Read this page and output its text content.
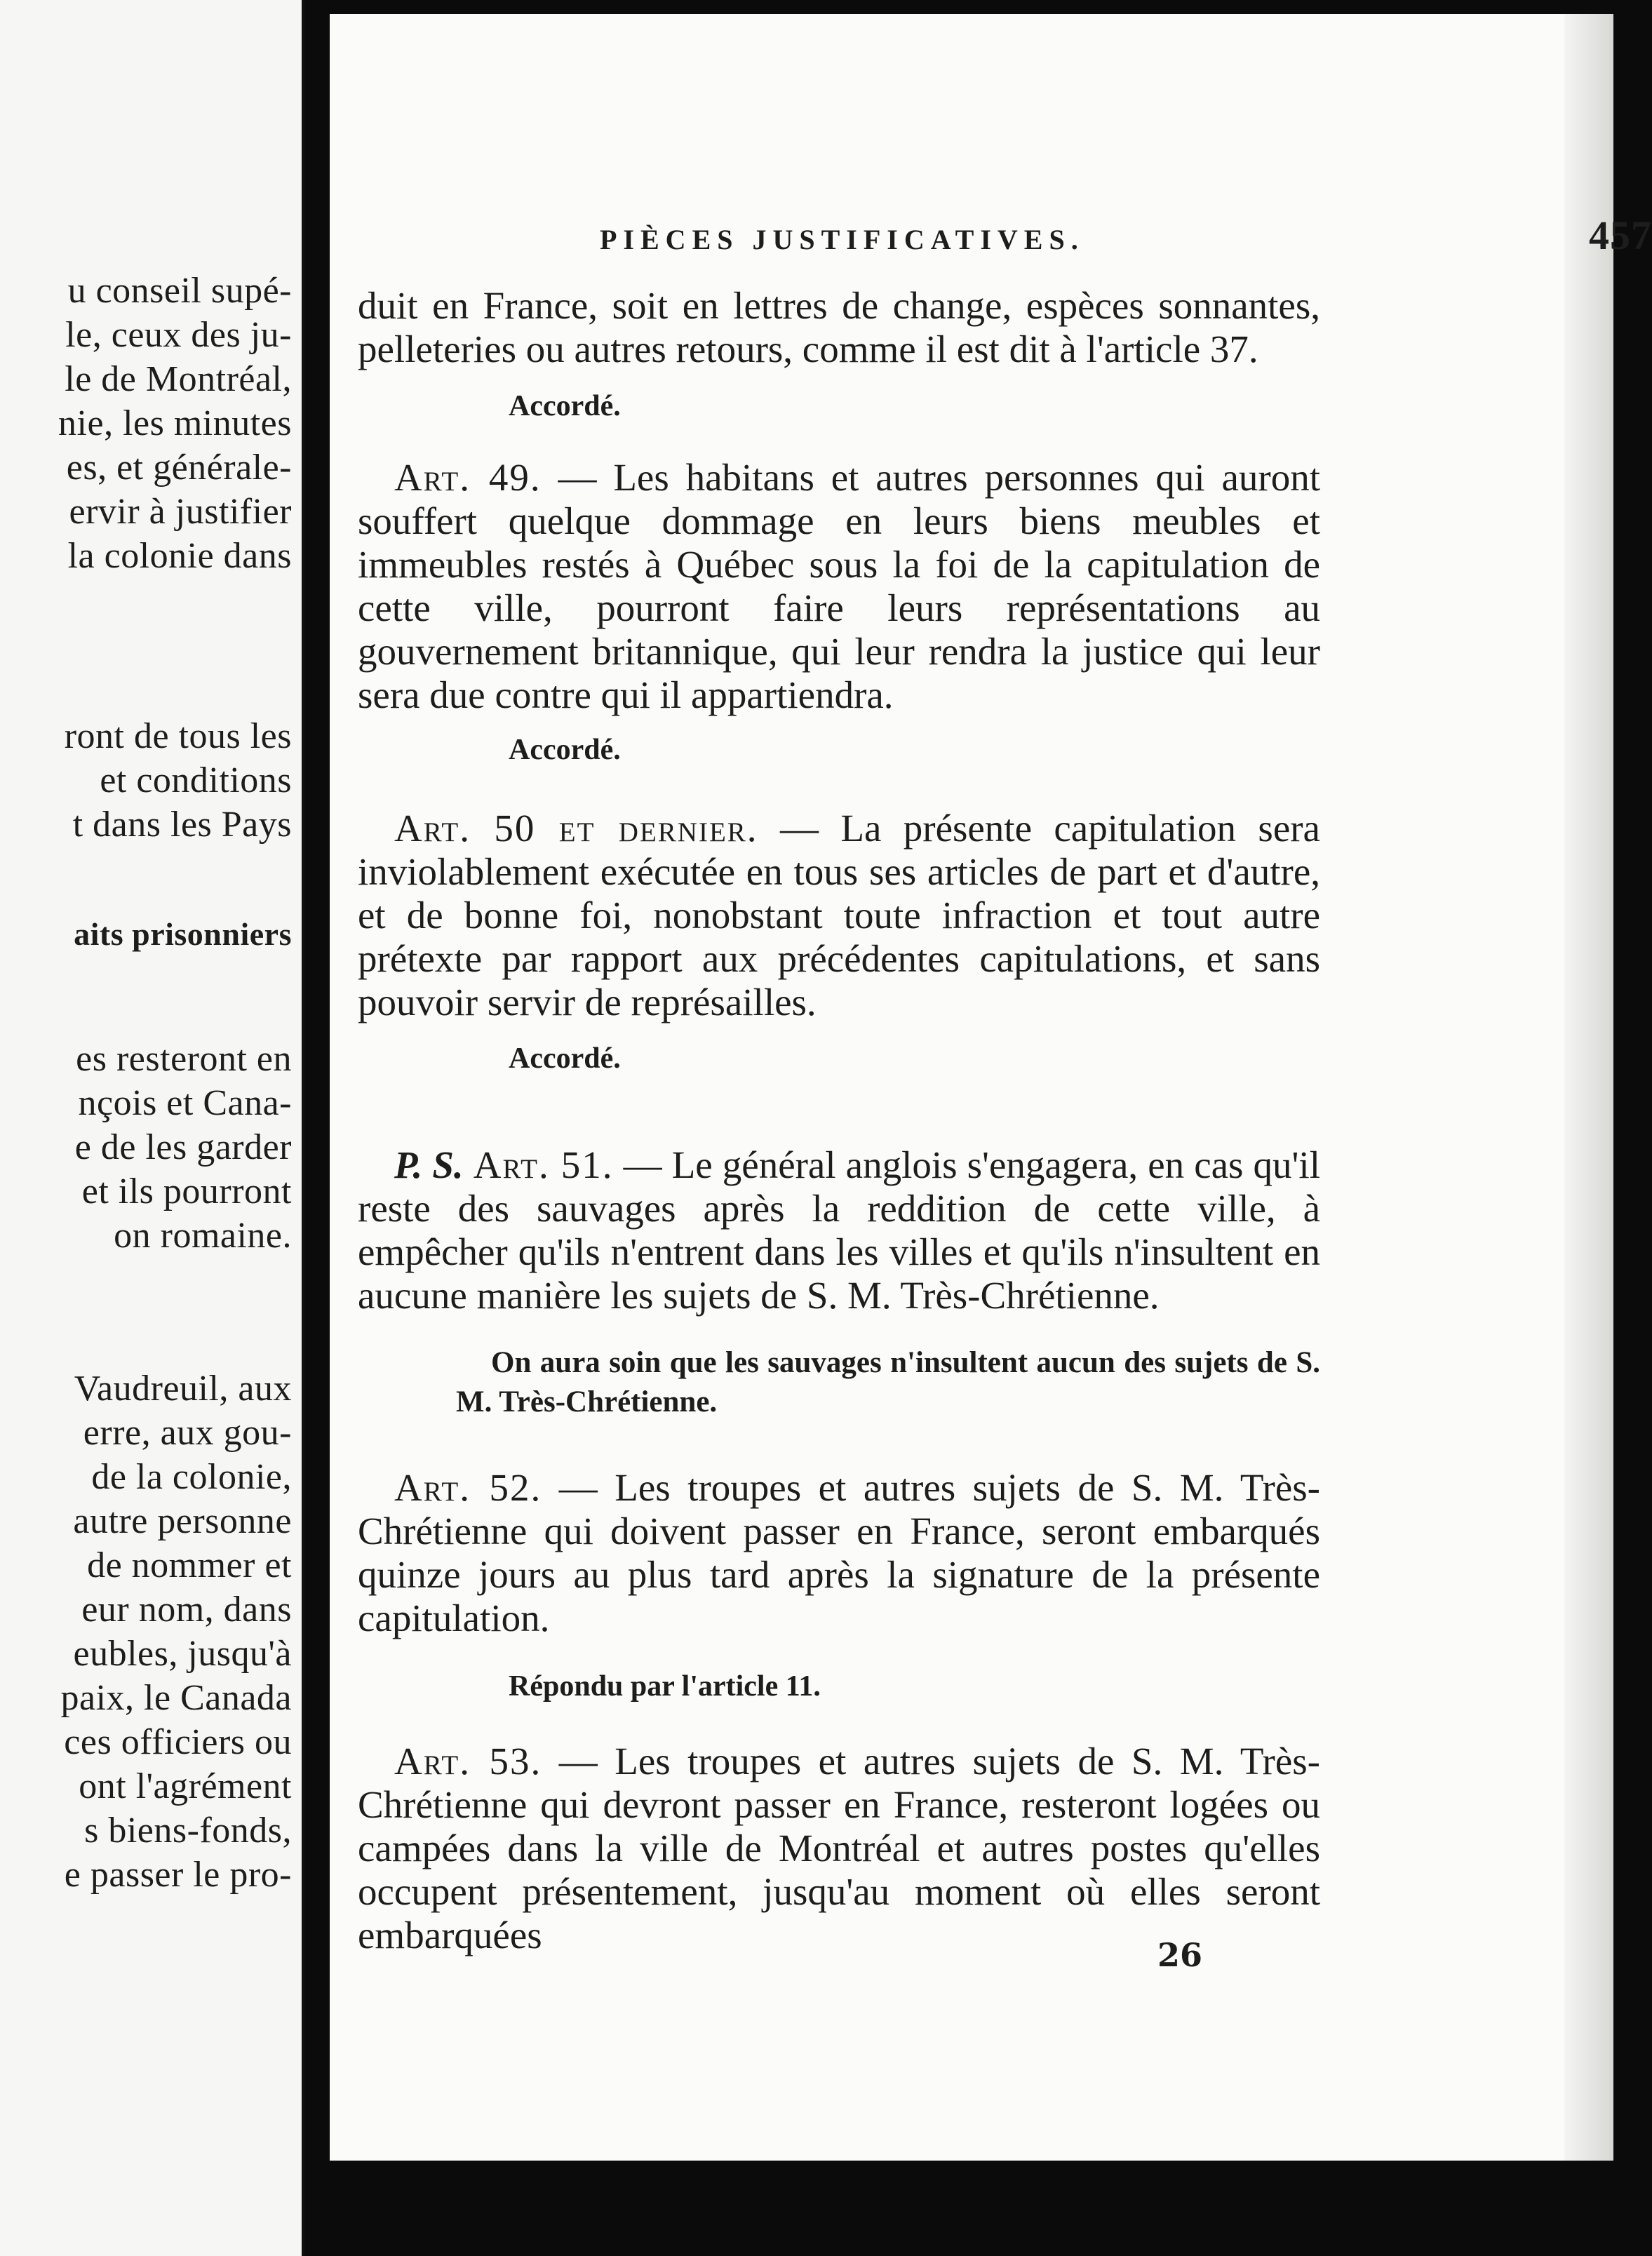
u conseil supé-
le, ceux des ju-
le de Montréal,
nie, les minutes
es, et générale-
ervir à justifier
la colonie dans
ront de tous les
et conditions
t dans les Pays
aits prisonniers
es resteront en
nçois et Cana-
e de les garder
et ils pourront
on romaine.
Vaudreuil, aux
erre, aux gou-
de la colonie,
autre personne
de nommer et
eur nom, dans
eubles, jusqu'à
paix, le Canada
ces officiers ou
ont l'agrément
s biens-fonds,
e passer le pro-
PIÈCES JUSTIFICATIVES.	457
duit en France, soit en lettres de change, espèces sonnantes, pelleteries ou autres retours, comme il est dit à l'article 37.
Accordé.
Art. 49. — Les habitans et autres personnes qui auront souffert quelque dommage en leurs biens meubles et immeubles restés à Québec sous la foi de la capitulation de cette ville, pourront faire leurs représentations au gouvernement britannique, qui leur rendra la justice qui leur sera due contre qui il appartiendra.
Accordé.
Art. 50 et dernier. — La présente capitulation sera inviolablement exécutée en tous ses articles de part et d'autre, et de bonne foi, nonobstant toute infraction et tout autre prétexte par rapport aux précédentes capitulations, et sans pouvoir servir de représailles.
Accordé.
P. S. Art. 51. — Le général anglois s'engagera, en cas qu'il reste des sauvages après la reddition de cette ville, à empêcher qu'ils n'entrent dans les villes et qu'ils n'insultent en aucune manière les sujets de S. M. Très-Chrétienne.
On aura soin que les sauvages n'insultent aucun des sujets de S. M. Très-Chrétienne.
Art. 52. — Les troupes et autres sujets de S. M. Très-Chrétienne qui doivent passer en France, seront embarqués quinze jours au plus tard après la signature de la présente capitulation.
Répondu par l'article 11.
Art. 53. — Les troupes et autres sujets de S. M. Très-Chrétienne qui devront passer en France, resteront logées ou campées dans la ville de Montréal et autres postes qu'elles occupent présentement, jusqu'au moment où elles seront embarquées	26
